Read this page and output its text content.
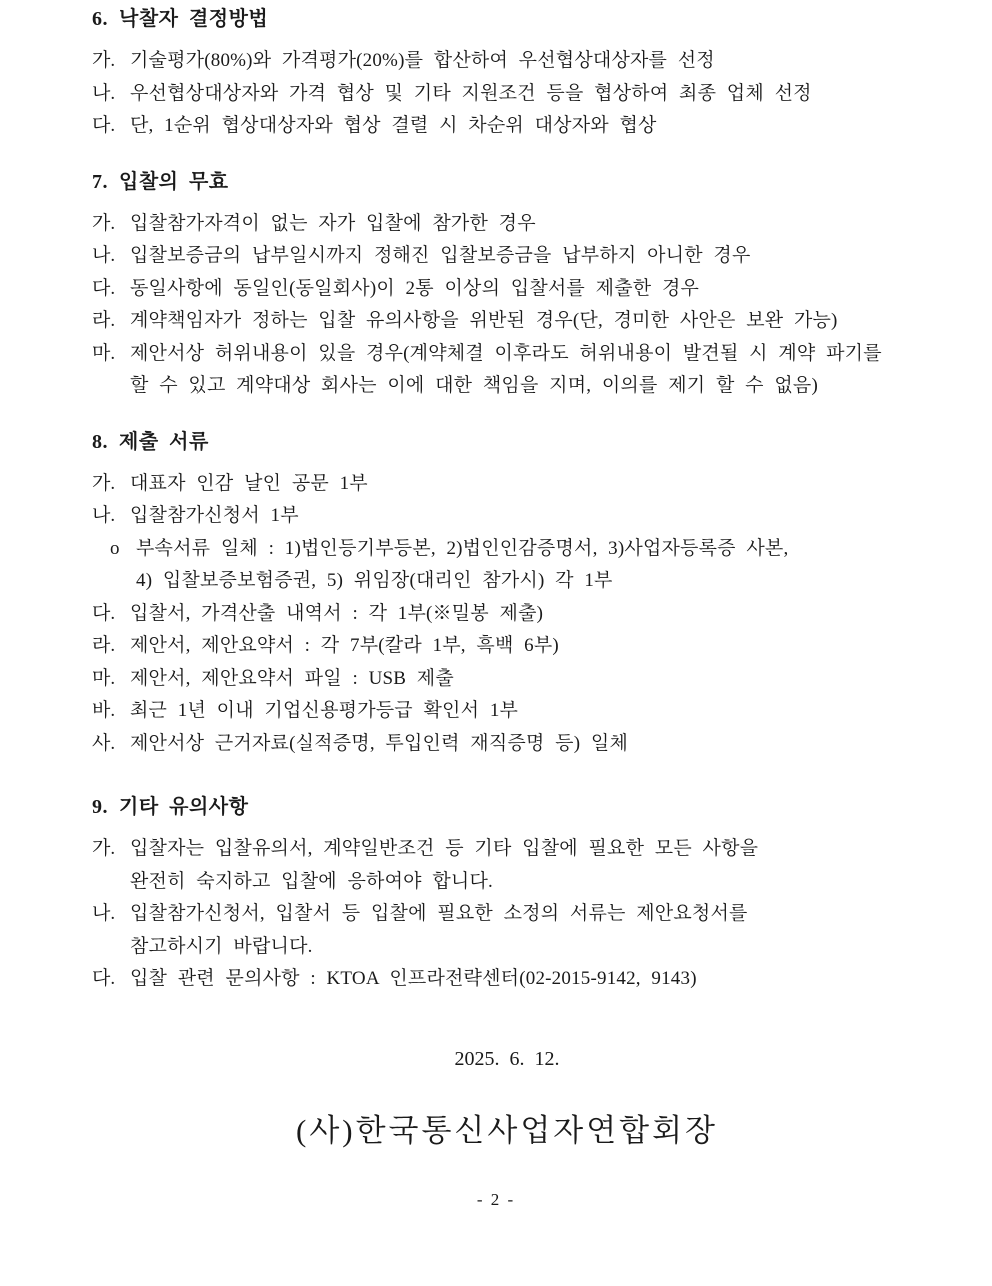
6. 낙찰자 결정방법
가. 기술평가(80%)와 가격평가(20%)를 합산하여 우선협상대상자를 선정
나. 우선협상대상자와 가격 협상 및 기타 지원조건 등을 협상하여 최종 업체 선정
다. 단, 1순위 협상대상자와 협상 결렬 시 차순위 대상자와 협상
7. 입찰의 무효
가. 입찰참가자격이 없는 자가 입찰에 참가한 경우
나. 입찰보증금의 납부일시까지 정해진 입찰보증금을 납부하지 아니한 경우
다. 동일사항에 동일인(동일회사)이 2통 이상의 입찰서를 제출한 경우
라. 계약책임자가 정하는 입찰 유의사항을 위반된 경우(단, 경미한 사안은 보완 가능)
마. 제안서상 허위내용이 있을 경우(계약체결 이후라도 허위내용이 발견될 시 계약 파기를
할 수 있고 계약대상 회사는 이에 대한 책임을 지며, 이의를 제기 할 수 없음)
8. 제출 서류
가. 대표자 인감 날인 공문 1부
나. 입찰참가신청서 1부
o 부속서류 일체 : 1)법인등기부등본, 2)법인인감증명서, 3)사업자등록증 사본,
4) 입찰보증보험증권, 5) 위임장(대리인 참가시) 각 1부
다. 입찰서, 가격산출 내역서 : 각 1부(※밀봉 제출)
라. 제안서, 제안요약서 : 각 7부(칼라 1부, 흑백 6부)
마. 제안서, 제안요약서 파일 : USB 제출
바. 최근 1년 이내 기업신용평가등급 확인서 1부
사. 제안서상 근거자료(실적증명, 투입인력 재직증명 등) 일체
9. 기타 유의사항
가. 입찰자는 입찰유의서, 계약일반조건 등 기타 입찰에 필요한 모든 사항을
완전히 숙지하고 입찰에 응하여야 합니다.
나. 입찰참가신청서, 입찰서 등 입찰에 필요한 소정의 서류는 제안요청서를
참고하시기 바랍니다.
다. 입찰 관련 문의사항 : KTOA 인프라전략센터(02-2015-9142, 9143)
2025. 6. 12.
(사)한국통신사업자연합회장
- 2 -
